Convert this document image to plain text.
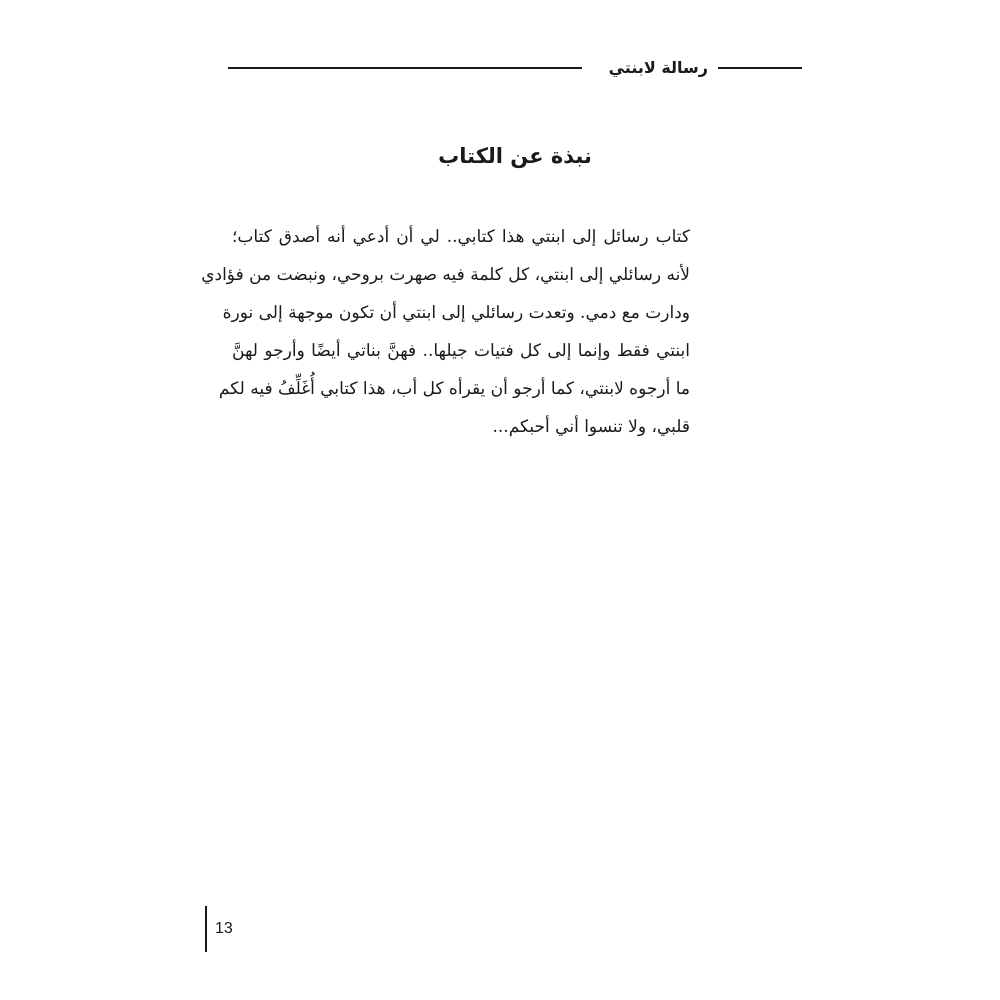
رسالة لابنتي
نبذة عن الكتاب
كتاب رسائل إلى ابنتي هذا كتابي.. لي أن أدعي أنه أصدق كتاب؛
لأنه رسائلي إلى ابنتي، كل كلمة فيه صهرت بروحي، ونبضت من فؤادي
ودارت مع دمي. وتعدت رسائلي إلى ابنتي أن تكون موجهة إلى نورة
ابنتي فقط وإنما إلى كل فتيات جيلها.. فهنَّ بناتي أيضًا وأرجو لهنَّ
ما أرجوه لابنتي، كما أرجو أن يقرأه كل أب، هذا كتابي أُغَلِّفُ فيه لكم
قلبي، ولا تنسوا أني أحبكم...
13
